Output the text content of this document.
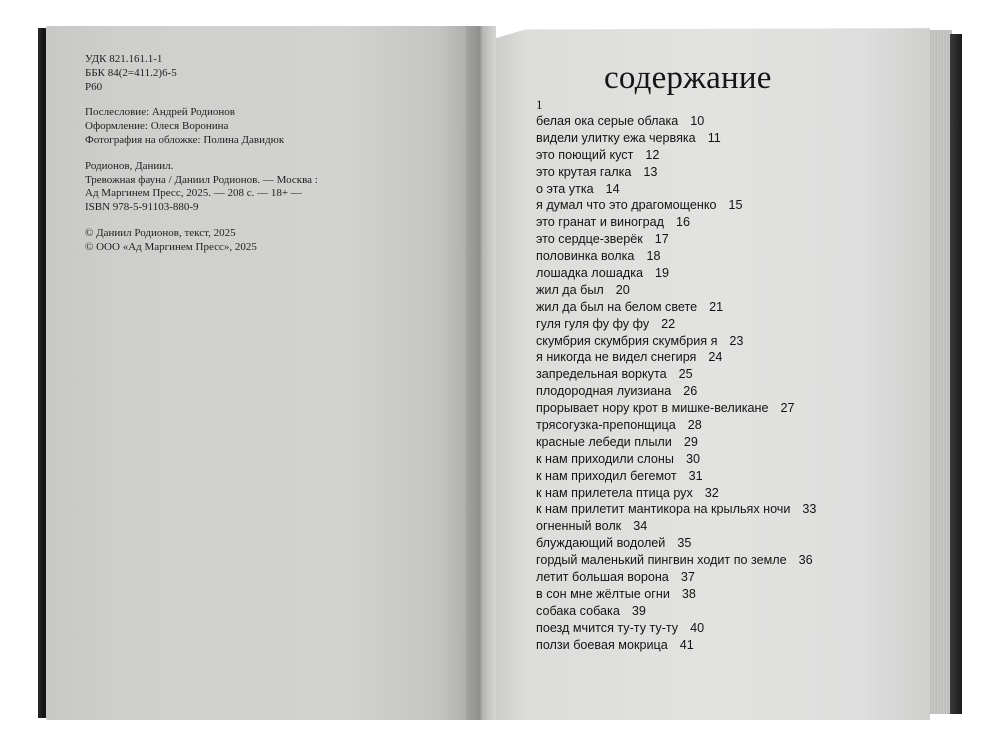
УДК 821.161.1-1
ББК 84(2=411.2)6-5
Р60
Послесловие: Андрей Родионов
Оформление: Олеся Воронина
Фотография на обложке: Полина Давидюк
Родионов, Даниил.
Тревожная фауна / Даниил Родионов. — Москва :
Ад Маргинем Пресс, 2025. — 208 с. — 18+ —
ISBN 978-5-91103-880-9
© Даниил Родионов, текст, 2025
© ООО «Ад Маргинем Пресс», 2025
содержание
1
белая ока серые облака 10
видели улитку ежа червяка 11
это поющий куст 12
это крутая галка 13
о эта утка 14
я думал что это драгомощенко 15
это гранат и виноград 16
это сердце-зверёк 17
половинка волка 18
лошадка лошадка 19
жил да был 20
жил да был на белом свете 21
гуля гуля фу фу фу 22
скумбрия скумбрия скумбрия я 23
я никогда не видел снегиря 24
запредельная воркута 25
плодородная луизиана 26
прорывает нору крот в мишке-великане 27
трясогузка-препонщица 28
красные лебеди плыли 29
к нам приходили слоны 30
к нам приходил бегемот 31
к нам прилетела птица рух 32
к нам прилетит мантикора на крыльях ночи 33
огненный волк 34
блуждающий водолей 35
гордый маленький пингвин ходит по земле 36
летит большая ворона 37
в сон мне жёлтые огни 38
собака собака 39
поезд мчится ту-ту ту-ту 40
ползи боевая мокрица 41
